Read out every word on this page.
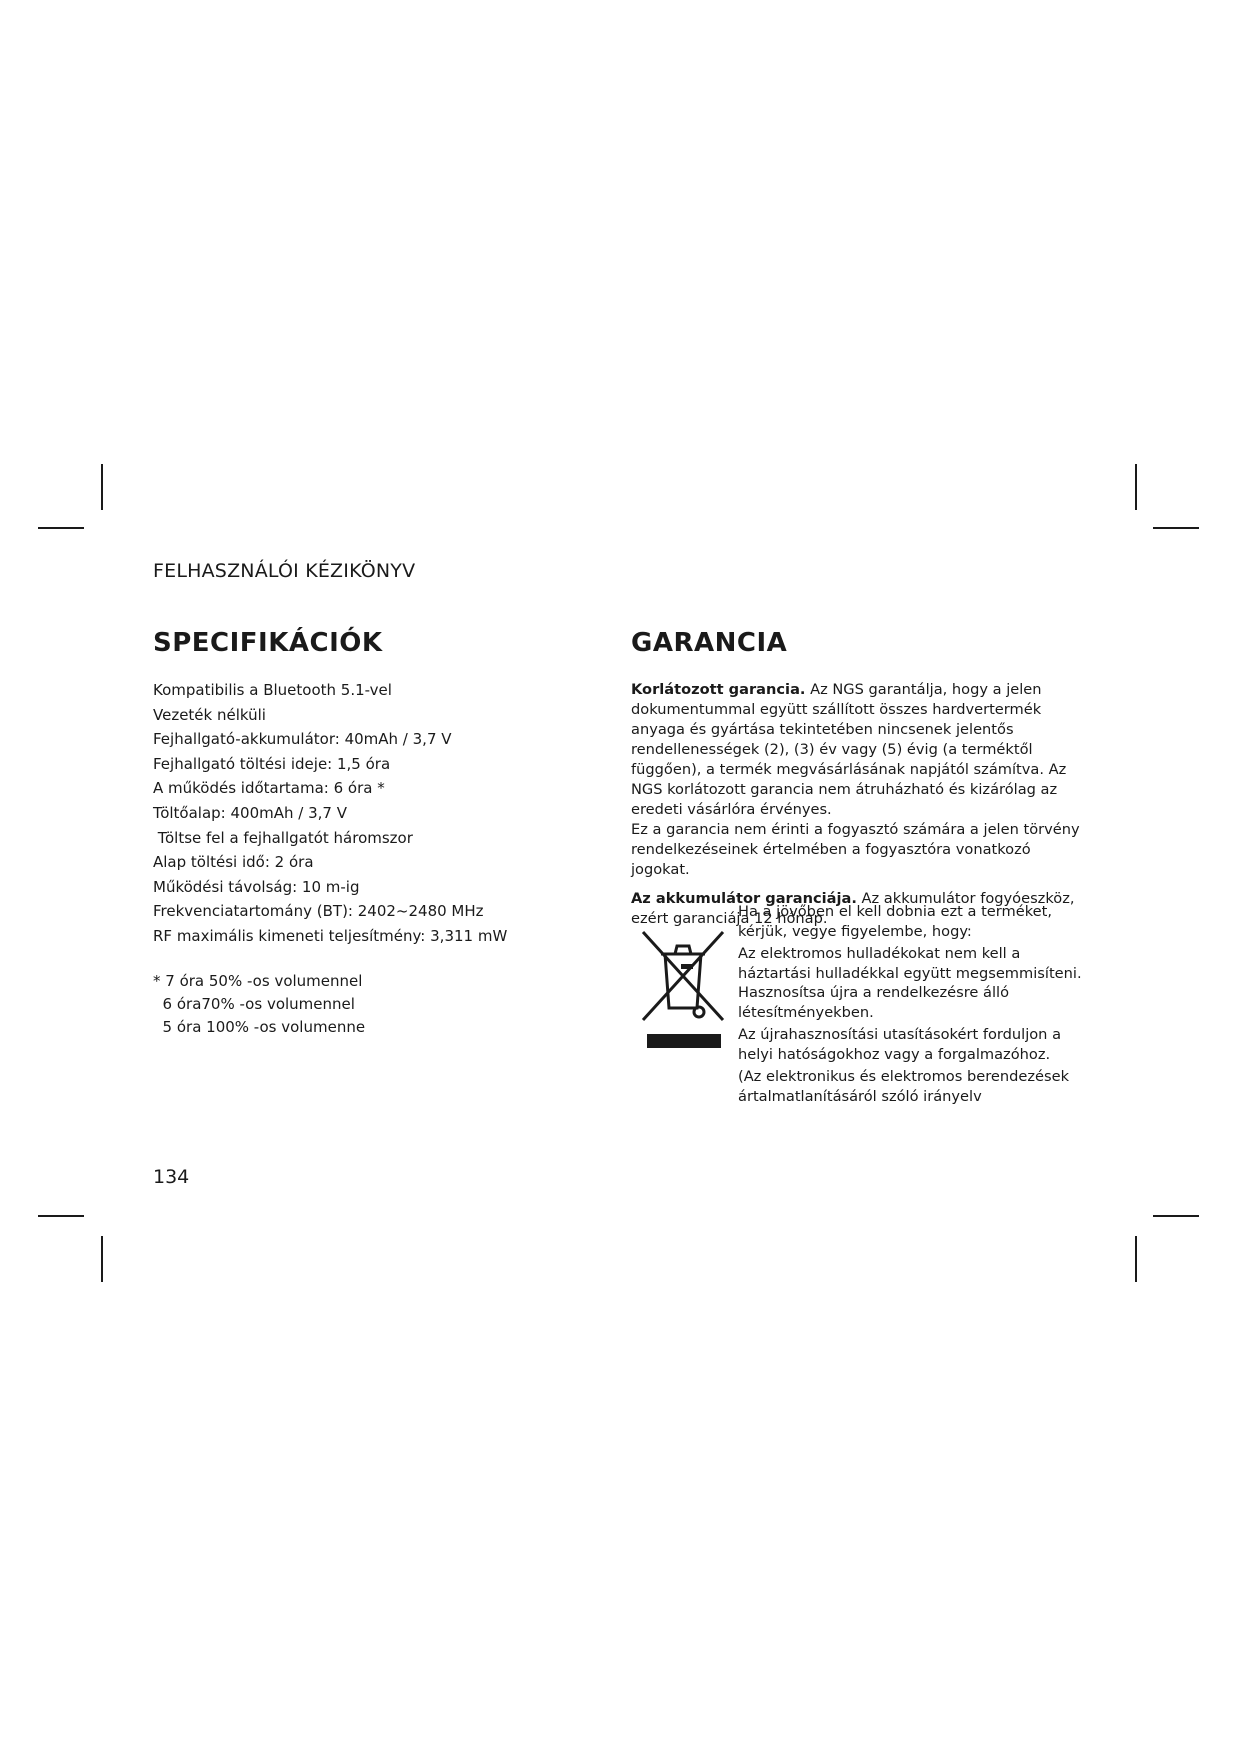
FELHASZNÁLÓI KÉZIKÖNYV
SPECIFIKÁCIÓK
Kompatibilis a Bluetooth 5.1-vel
Vezeték nélküli
Fejhallgató-akkumulátor: 40mAh / 3,7 V
Fejhallgató töltési ideje: 1,5 óra
A működés időtartama: 6 óra *
Töltőalap: 400mAh / 3,7 V
Töltse fel a fejhallgatót háromszor
Alap töltési idő: 2 óra
Működési távolság: 10 m-ig
Frekvenciatartomány (BT): 2402~2480 MHz
RF maximális kimeneti teljesítmény: 3,311 mW
* 7 óra 50% -os volumennel
6 óra70% -os volumennel
5 óra 100% -os volumenne
GARANCIA

Korlátozott garancia. Az NGS garantálja, hogy a jelen dokumentummal együtt szállított összes hardvertermék anyaga és gyártása tekintetében nincsenek jelentős rendellenességek (2), (3) év vagy (5) évig (a terméktől függően), a termék megvásárlásának napjától számítva. Az NGS korlátozott garancia nem átruházható és kizárólag az eredeti vásárlóra érvényes.
Ez a garancia nem érinti a fogyasztó számára a jelen törvény rendelkezéseinek értelmében a fogyasztóra vonatkozó jogokat.

Az akkumulátor garanciája. Az akkumulátor fogyóeszköz, ezért garanciája 12 hónap.

Ha a jövőben el kell dobnia ezt a terméket, kérjük, vegye figyelembe, hogy:

Az elektromos hulladékokat nem kell a háztartási hulladékkal együtt megsemmisíteni. Hasznosítsa újra a rendelkezésre álló létesítményekben.

Az újrahasznosítási utasításokért forduljon a helyi hatóságokhoz vagy a forgalmazóhoz.

(Az elektronikus és elektromos berendezések ártalmatlanításáról szóló irányelv

134
